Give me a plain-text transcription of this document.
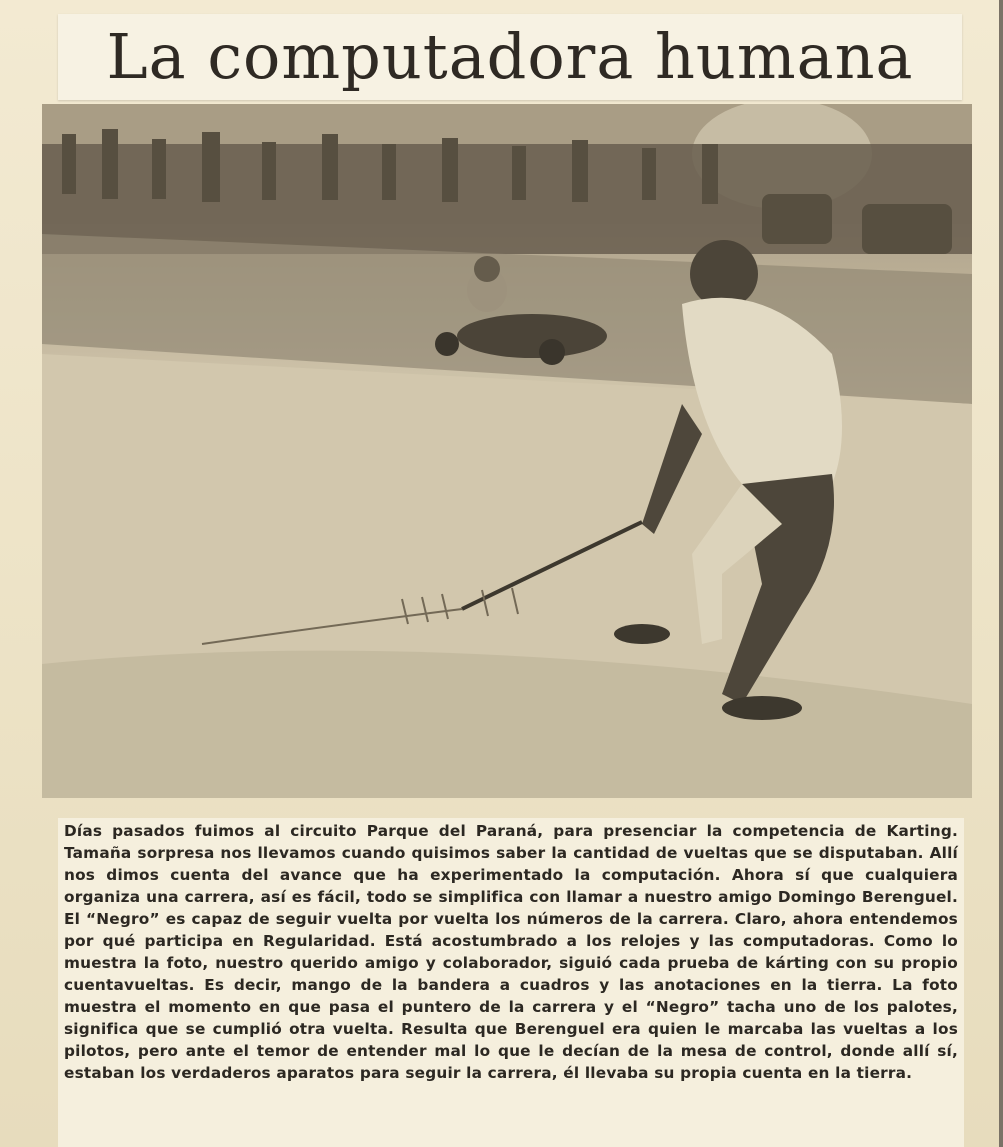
La computadora humana

Días pasados fuimos al circuito Parque del Paraná, para presenciar la competencia de Karting. Tamaña sorpresa nos llevamos cuando quisimos saber la cantidad de vueltas que se disputaban. Allí nos dimos cuenta del avance que ha experimentado la computación. Ahora sí que cualquiera organiza una carrera, así es fácil, todo se simplifica con llamar a nuestro amigo Domingo Berenguel. El “Negro” es capaz de seguir vuelta por vuelta los números de la carrera. Claro, ahora entendemos por qué participa en Regularidad. Está acostumbrado a los relojes y las computadoras. Como lo muestra la foto, nuestro querido amigo y colaborador, siguió cada prueba de kárting con su propio cuentavueltas. Es decir, mango de la bandera a cuadros y las anotaciones en la tierra. La foto muestra el momento en que pasa el puntero de la carrera y el “Negro” tacha uno de los palotes, significa que se cumplió otra vuelta. Resulta que Berenguel era quien le marcaba las vueltas a los pilotos, pero ante el temor de entender mal lo que le decían de la mesa de control, donde allí sí, estaban los verdaderos aparatos para seguir la carrera, él llevaba su propia cuenta en la tierra.
